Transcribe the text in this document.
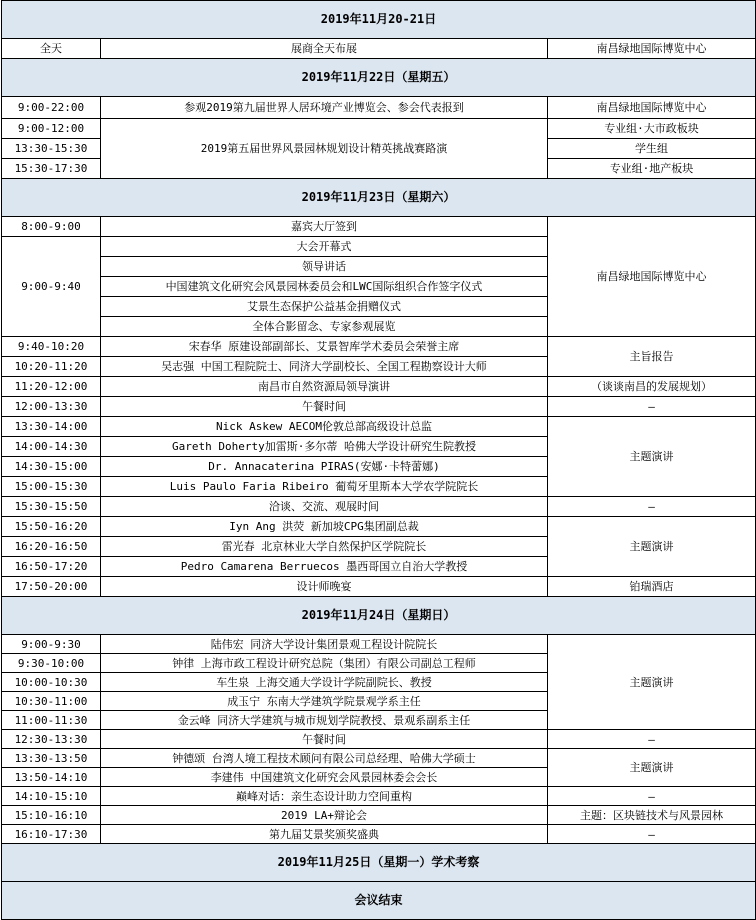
2019年11月20-21日		
全天	展商全天布展	南昌绿地国际博览中心
2019年11月22日（星期五）		
9:00-22:00	参观2019第九届世界人居环境产业博览会、参会代表报到	南昌绿地国际博览中心
9:00-12:00	2019第五届世界风景园林规划设计精英挑战赛路演	专业组·大市政板块
13:30-15:30		学生组
15:30-17:30		专业组·地产板块
2019年11月23日（星期六）		
8:00-9:00	嘉宾大厅签到	南昌绿地国际博览中心
9:00-9:40	大会开幕式	
	领导讲话	
	中国建筑文化研究会风景园林委员会和LWC国际组织合作签字仪式	
	艾景生态保护公益基金捐赠仪式	
	全体合影留念、专家参观展览	
9:40-10:20	宋春华 原建设部副部长、艾景智库学术委员会荣誉主席	主旨报告
10:20-11:20	吴志强 中国工程院院士、同济大学副校长、全国工程勘察设计大师	
11:20-12:00	南昌市自然资源局领导演讲	（谈谈南昌的发展规划）
12:00-13:30	午餐时间	—
13:30-14:00	Nick Askew AECOM伦敦总部高级设计总监	主题演讲
14:00-14:30	Gareth Doherty加雷斯·多尔蒂 哈佛大学设计研究生院教授	
14:30-15:00	Dr. Annacaterina PIRAS(安娜·卡特蕾娜)	
15:00-15:30	Luis Paulo Faria Ribeiro 葡萄牙里斯本大学农学院院长	
15:30-15:50	洽谈、交流、观展时间	—
15:50-16:20	Iyn Ang 洪荧 新加坡CPG集团副总裁	主题演讲
16:20-16:50	雷光春 北京林业大学自然保护区学院院长	
16:50-17:20	Pedro Camarena Berruecos 墨西哥国立自治大学教授	
17:50-20:00	设计师晚宴	铂瑞酒店
2019年11月24日（星期日）		
9:00-9:30	陆伟宏 同济大学设计集团景观工程设计院院长	主题演讲
9:30-10:00	钟律 上海市政工程设计研究总院（集团）有限公司副总工程师	
10:00-10:30	车生泉 上海交通大学设计学院副院长、教授	
10:30-11:00	成玉宁 东南大学建筑学院景观学系主任	
11:00-11:30	金云峰 同济大学建筑与城市规划学院教授、景观系副系主任	
12:30-13:30	午餐时间	—
13:30-13:50	钟德颂 台湾人境工程技术顾问有限公司总经理、哈佛大学硕士	主题演讲
13:50-14:10	李建伟 中国建筑文化研究会风景园林委会会长	
14:10-15:10	巅峰对话：亲生态设计助力空间重构	—
15:10-16:10	2019 LA+辩论会	主题：区块链技术与风景园林
16:10-17:30	第九届艾景奖颁奖盛典	—
2019年11月25日（星期一）学术考察		
会议结束		
